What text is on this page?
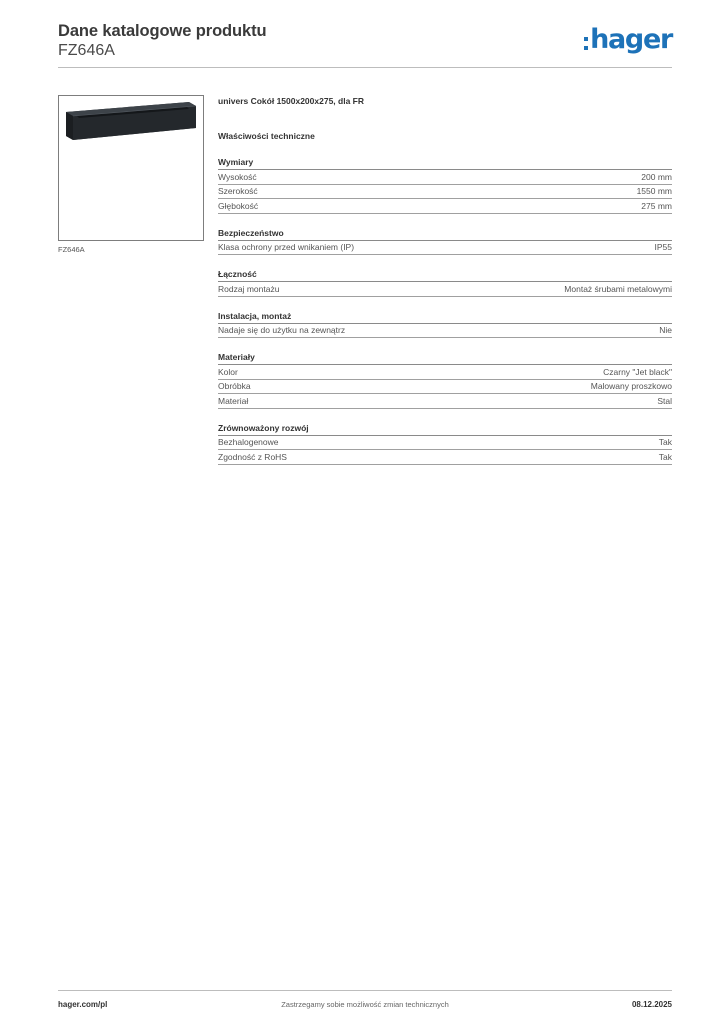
Dane katalogowe produktu
FZ646A	hager
FZ646A
univers Cokół 1500x200x275, dla FR
Właściwości techniczne
Wymiary
Wysokość	200 mm
Szerokość	1550 mm
Głębokość	275 mm
Bezpieczeństwo
Klasa ochrony przed wnikaniem (IP)	IP55
Łączność
Rodzaj montażu	Montaż śrubami metalowymi
Instalacja, montaż
Nadaje się do użytku na zewnątrz	Nie
Materiały
Kolor	Czarny "Jet black"
Obróbka	Malowany proszkowo
Materiał	Stal
Zrównoważony rozwój
Bezhalogenowe	Tak
Zgodność z RoHS	Tak
hager.com/pl	Zastrzegamy sobie możliwość zmian technicznych	08.12.2025
